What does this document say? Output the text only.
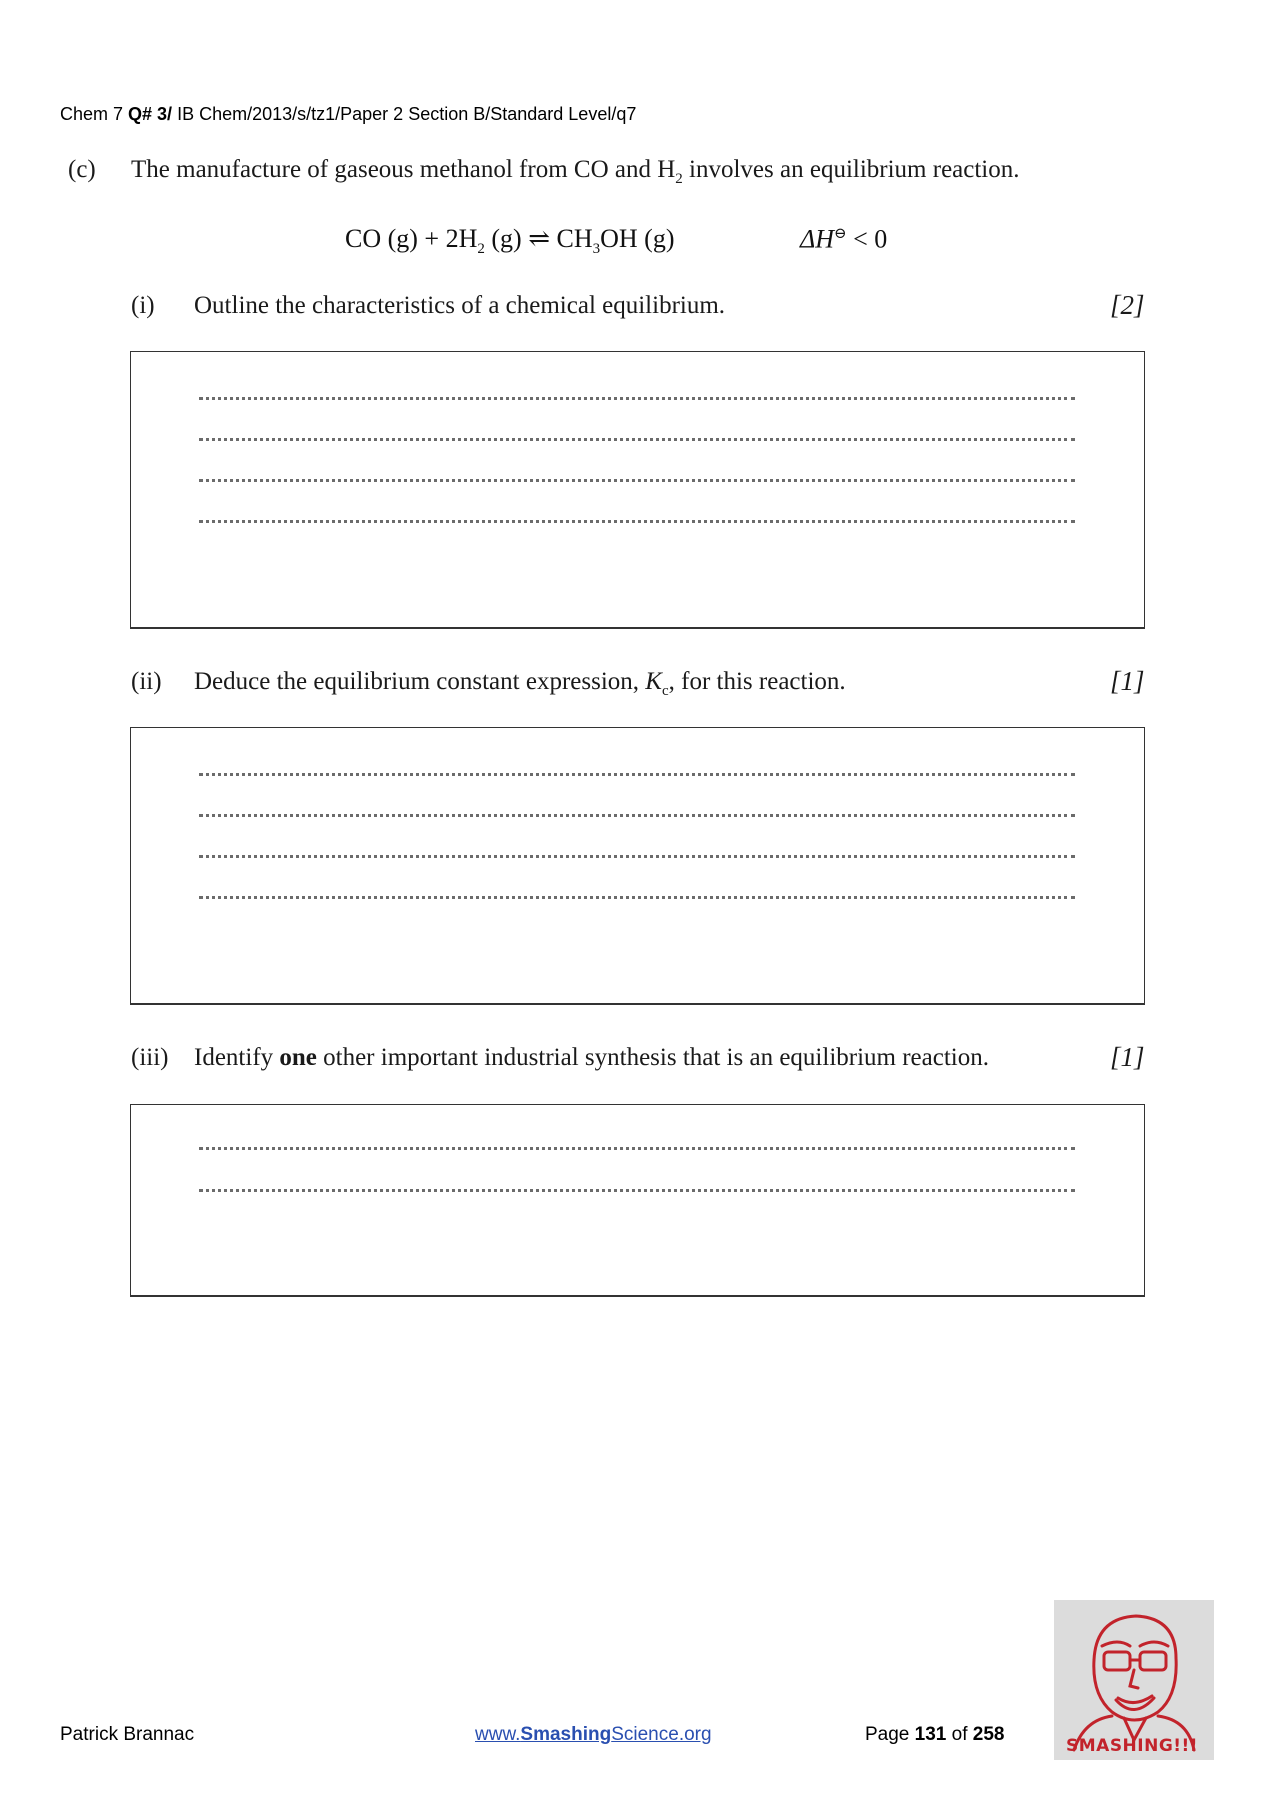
Chem 7 Q# 3/ IB Chem/2013/s/tz1/Paper 2 Section B/Standard Level/q7
(c) The manufacture of gaseous methanol from CO and $H_2$ involves an equilibrium reaction.
CO $(g) + 2H_2$ (g) ⇌ $CH_3OH$ (g)	ΔH⊖ < 0
(i) Outline the characteristics of a chemical equilibrium.	[2]
(ii) Deduce the equilibrium constant expression, $K_c$, for this reaction.	[1]
(iii) Identify one other important industrial synthesis that is an equilibrium reaction.	[1]
Patrick Brannac	www.SmashingScience.org	Page 131 of 258
SMASHING!!!
